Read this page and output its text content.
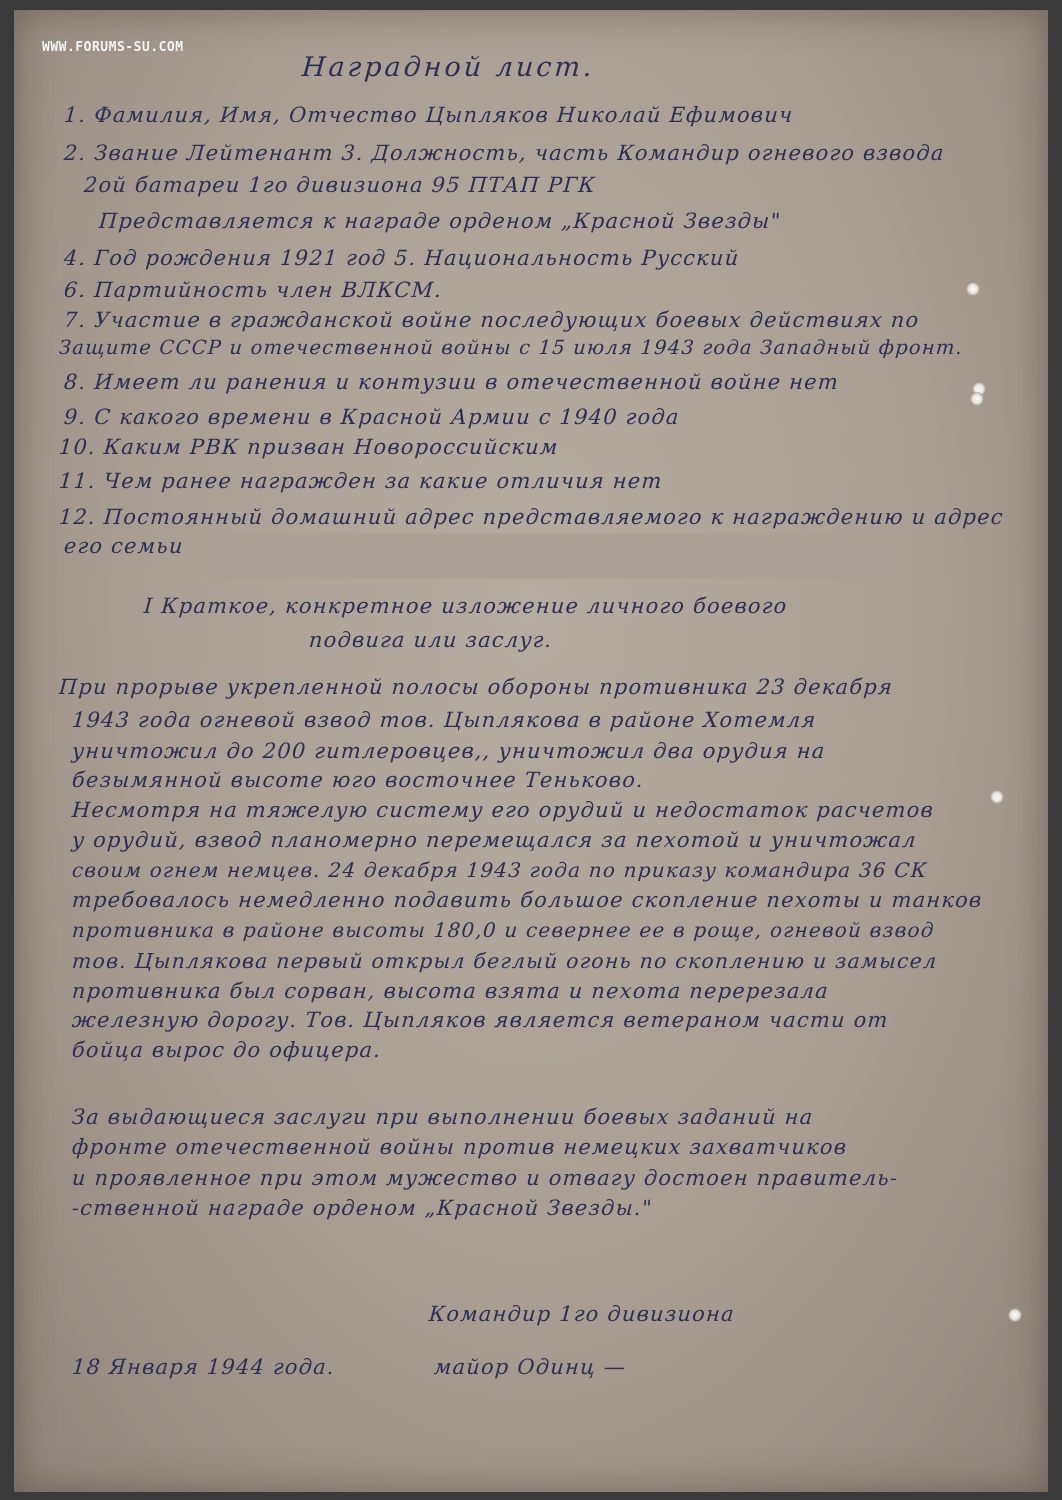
WWW.FORUMS-SU.COM
Наградной лист.
1. Фамилия, Имя, Отчество Цыпляков Николай Ефимович
2. Звание Лейтенант 3. Должность, часть Командир огневого взвода
2ой батареи 1го дивизиона 95 ПТАП РГК
Представляется к награде орденом „Красной Звезды"
4. Год рождения 1921 год 5. Национальность Русский
6. Партийность член ВЛКСМ.
7. Участие в гражданской войне последующих боевых действиях по
Защите СССР и отечественной войны с 15 июля 1943 года Западный фронт.
8. Имеет ли ранения и контузии в отечественной войне нет
9. С какого времени в Красной Армии с 1940 года
10. Каким РВК призван Новороссийским
11. Чем ранее награжден за какие отличия нет
12. Постоянный домашний адрес представляемого к награждению и адрес
его семьи
I Краткое, конкретное изложение личного боевого
подвига или заслуг.
При прорыве укрепленной полосы обороны противника 23 декабря
1943 года огневой взвод тов. Цыплякова в районе Хотемля
уничтожил до 200 гитлеровцев,, уничтожил два орудия на
безымянной высоте юго восточнее Теньково.
Несмотря на тяжелую систему его орудий и недостаток расчетов
у орудий, взвод планомерно перемещался за пехотой и уничтожал
своим огнем немцев. 24 декабря 1943 года по приказу командира 36 СК
требовалось немедленно подавить большое скопление пехоты и танков
противника в районе высоты 180,0 и севернее ее в роще, огневой взвод
тов. Цыплякова первый открыл беглый огонь по скоплению и замысел
противника был сорван, высота взята и пехота перерезала
железную дорогу. Тов. Цыпляков является ветераном части от
бойца вырос до офицера.
За выдающиеся заслуги при выполнении боевых заданий на
фронте отечественной войны против немецких захватчиков
и проявленное при этом мужество и отвагу достоен правитель-
-ственной награде орденом „Красной Звезды."
Командир 1го дивизиона
майор Одинц —
18 Января 1944 года.
